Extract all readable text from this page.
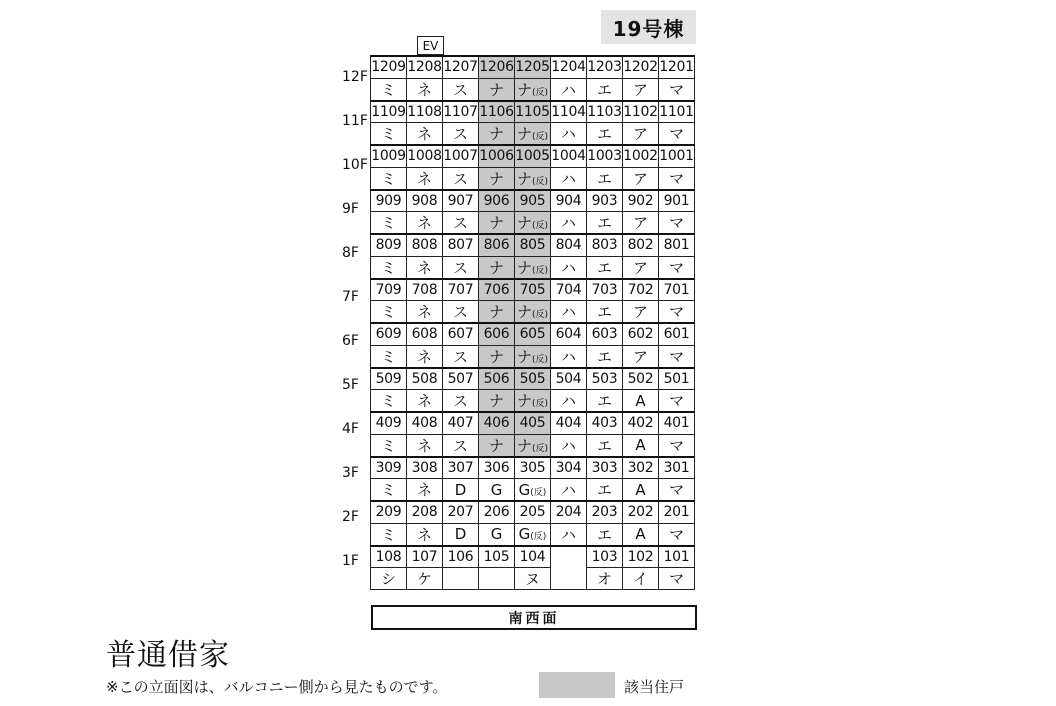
19号棟
EV
1209	1208	1207	1206	1205	1204	1203	1202	1201
ミ	ネ	ス	ナ	ナ(反)	ハ	エ	ア	マ
1109	1108	1107	1106	1105	1104	1103	1102	1101
ミ	ネ	ス	ナ	ナ(反)	ハ	エ	ア	マ
1009	1008	1007	1006	1005	1004	1003	1002	1001
ミ	ネ	ス	ナ	ナ(反)	ハ	エ	ア	マ
909	908	907	906	905	904	903	902	901
ミ	ネ	ス	ナ	ナ(反)	ハ	エ	ア	マ
809	808	807	806	805	804	803	802	801
ミ	ネ	ス	ナ	ナ(反)	ハ	エ	ア	マ
709	708	707	706	705	704	703	702	701
ミ	ネ	ス	ナ	ナ(反)	ハ	エ	ア	マ
609	608	607	606	605	604	603	602	601
ミ	ネ	ス	ナ	ナ(反)	ハ	エ	ア	マ
509	508	507	506	505	504	503	502	501
ミ	ネ	ス	ナ	ナ(反)	ハ	エ	A	マ
409	408	407	406	405	404	403	402	401
ミ	ネ	ス	ナ	ナ(反)	ハ	エ	A	マ
309	308	307	306	305	304	303	302	301
ミ	ネ	D	G	G(反)	ハ	エ	A	マ
209	208	207	206	205	204	203	202	201
ミ	ネ	D	G	G(反)	ハ	エ	A	マ
108	107	106	105	104		103	102	101
シ	ケ			ヌ		オ	イ	マ
12F
11F
10F
9F
8F
7F
6F
5F
4F
3F
2F
1F
南西面
普通借家
※この立面図は、バルコニー側から見たものです。	該当住戸
